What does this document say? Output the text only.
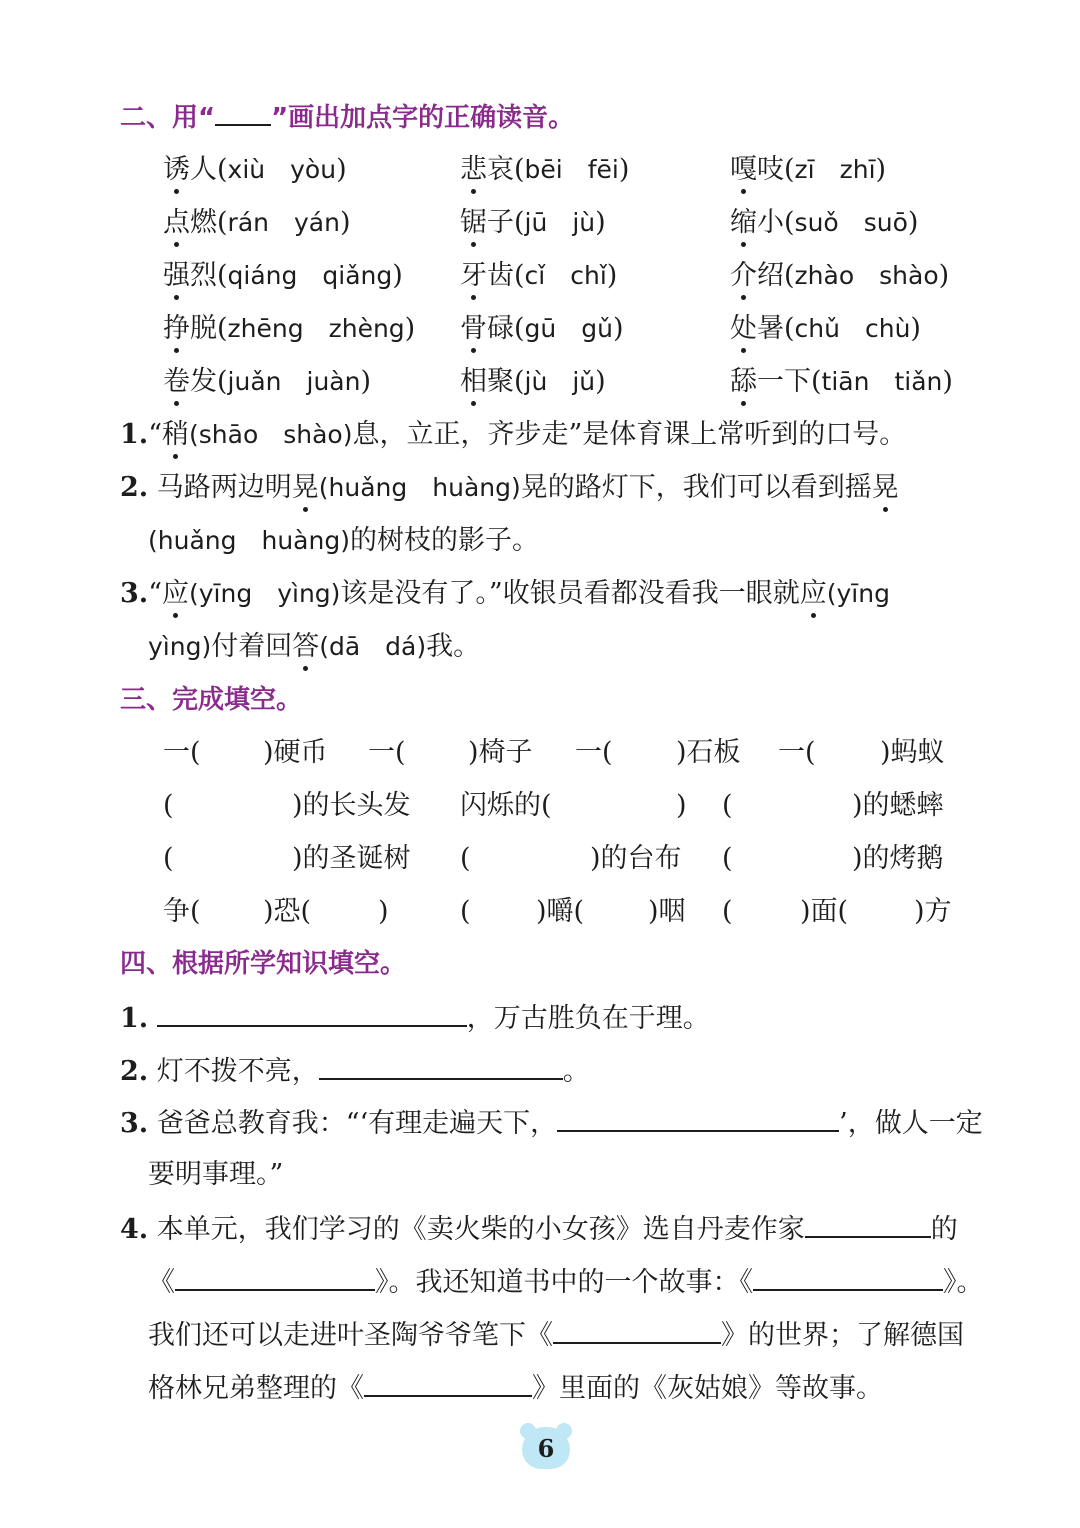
二、用“ ”画出加点字的正确读音。
诱人(xiù　yòu)	悲哀(bēi　fēi)	嘎吱(zī　zhī)
点燃(rán　yán)	锯子(jū　jù)	缩小(suǒ　suō)
强烈(qiáng　qiǎng) 牙齿(cǐ　chǐ)	介绍(zhào　shào)
挣脱(zhēng　zhèng) 骨碌(gū　gǔ)	处暑(chǔ　chù)
卷发(juǎn　juàn)	相聚(jù　jǔ)	舔一下(tiān　tiǎn)
1.“稍(shāo　shào)息，立正，齐步走”是体育课上常听到的口号。
2. 马路两边明晃(huǎng　huàng)晃的路灯下，我们可以看到摇晃
(huǎng　huàng)的树枝的影子。
3.“应(yīng　yìng)该是没有了。”收银员看都没看我一眼就应(yīng
yìng)付着回答(dā　dá)我。
三、完成填空。
一( )硬币 一( )椅子 一( )石板 一( )蚂蚁
(	)的长头发 闪烁的(	) (	)的蟋蟀
(	)的圣诞树 (	)的台布 (	)的烤鹅
争( )恐( )	( )嚼( )咽 ( )面( )方
四、根据所学知识填空。
1.	，万古胜负在于理。
2. 灯不拨不亮，	。
3. 爸爸总教育我：“‘有理走遍天下，	’，做人一定
要明事理。”
4. 本单元，我们学习的《卖火柴的小女孩》选自丹麦作家	的
《	》。我还知道书中的一个故事：《	》。
我们还可以走进叶圣陶爷爷笔下《	》的世界；了解德国
格林兄弟整理的《	》里面的《灰姑娘》等故事。
6
